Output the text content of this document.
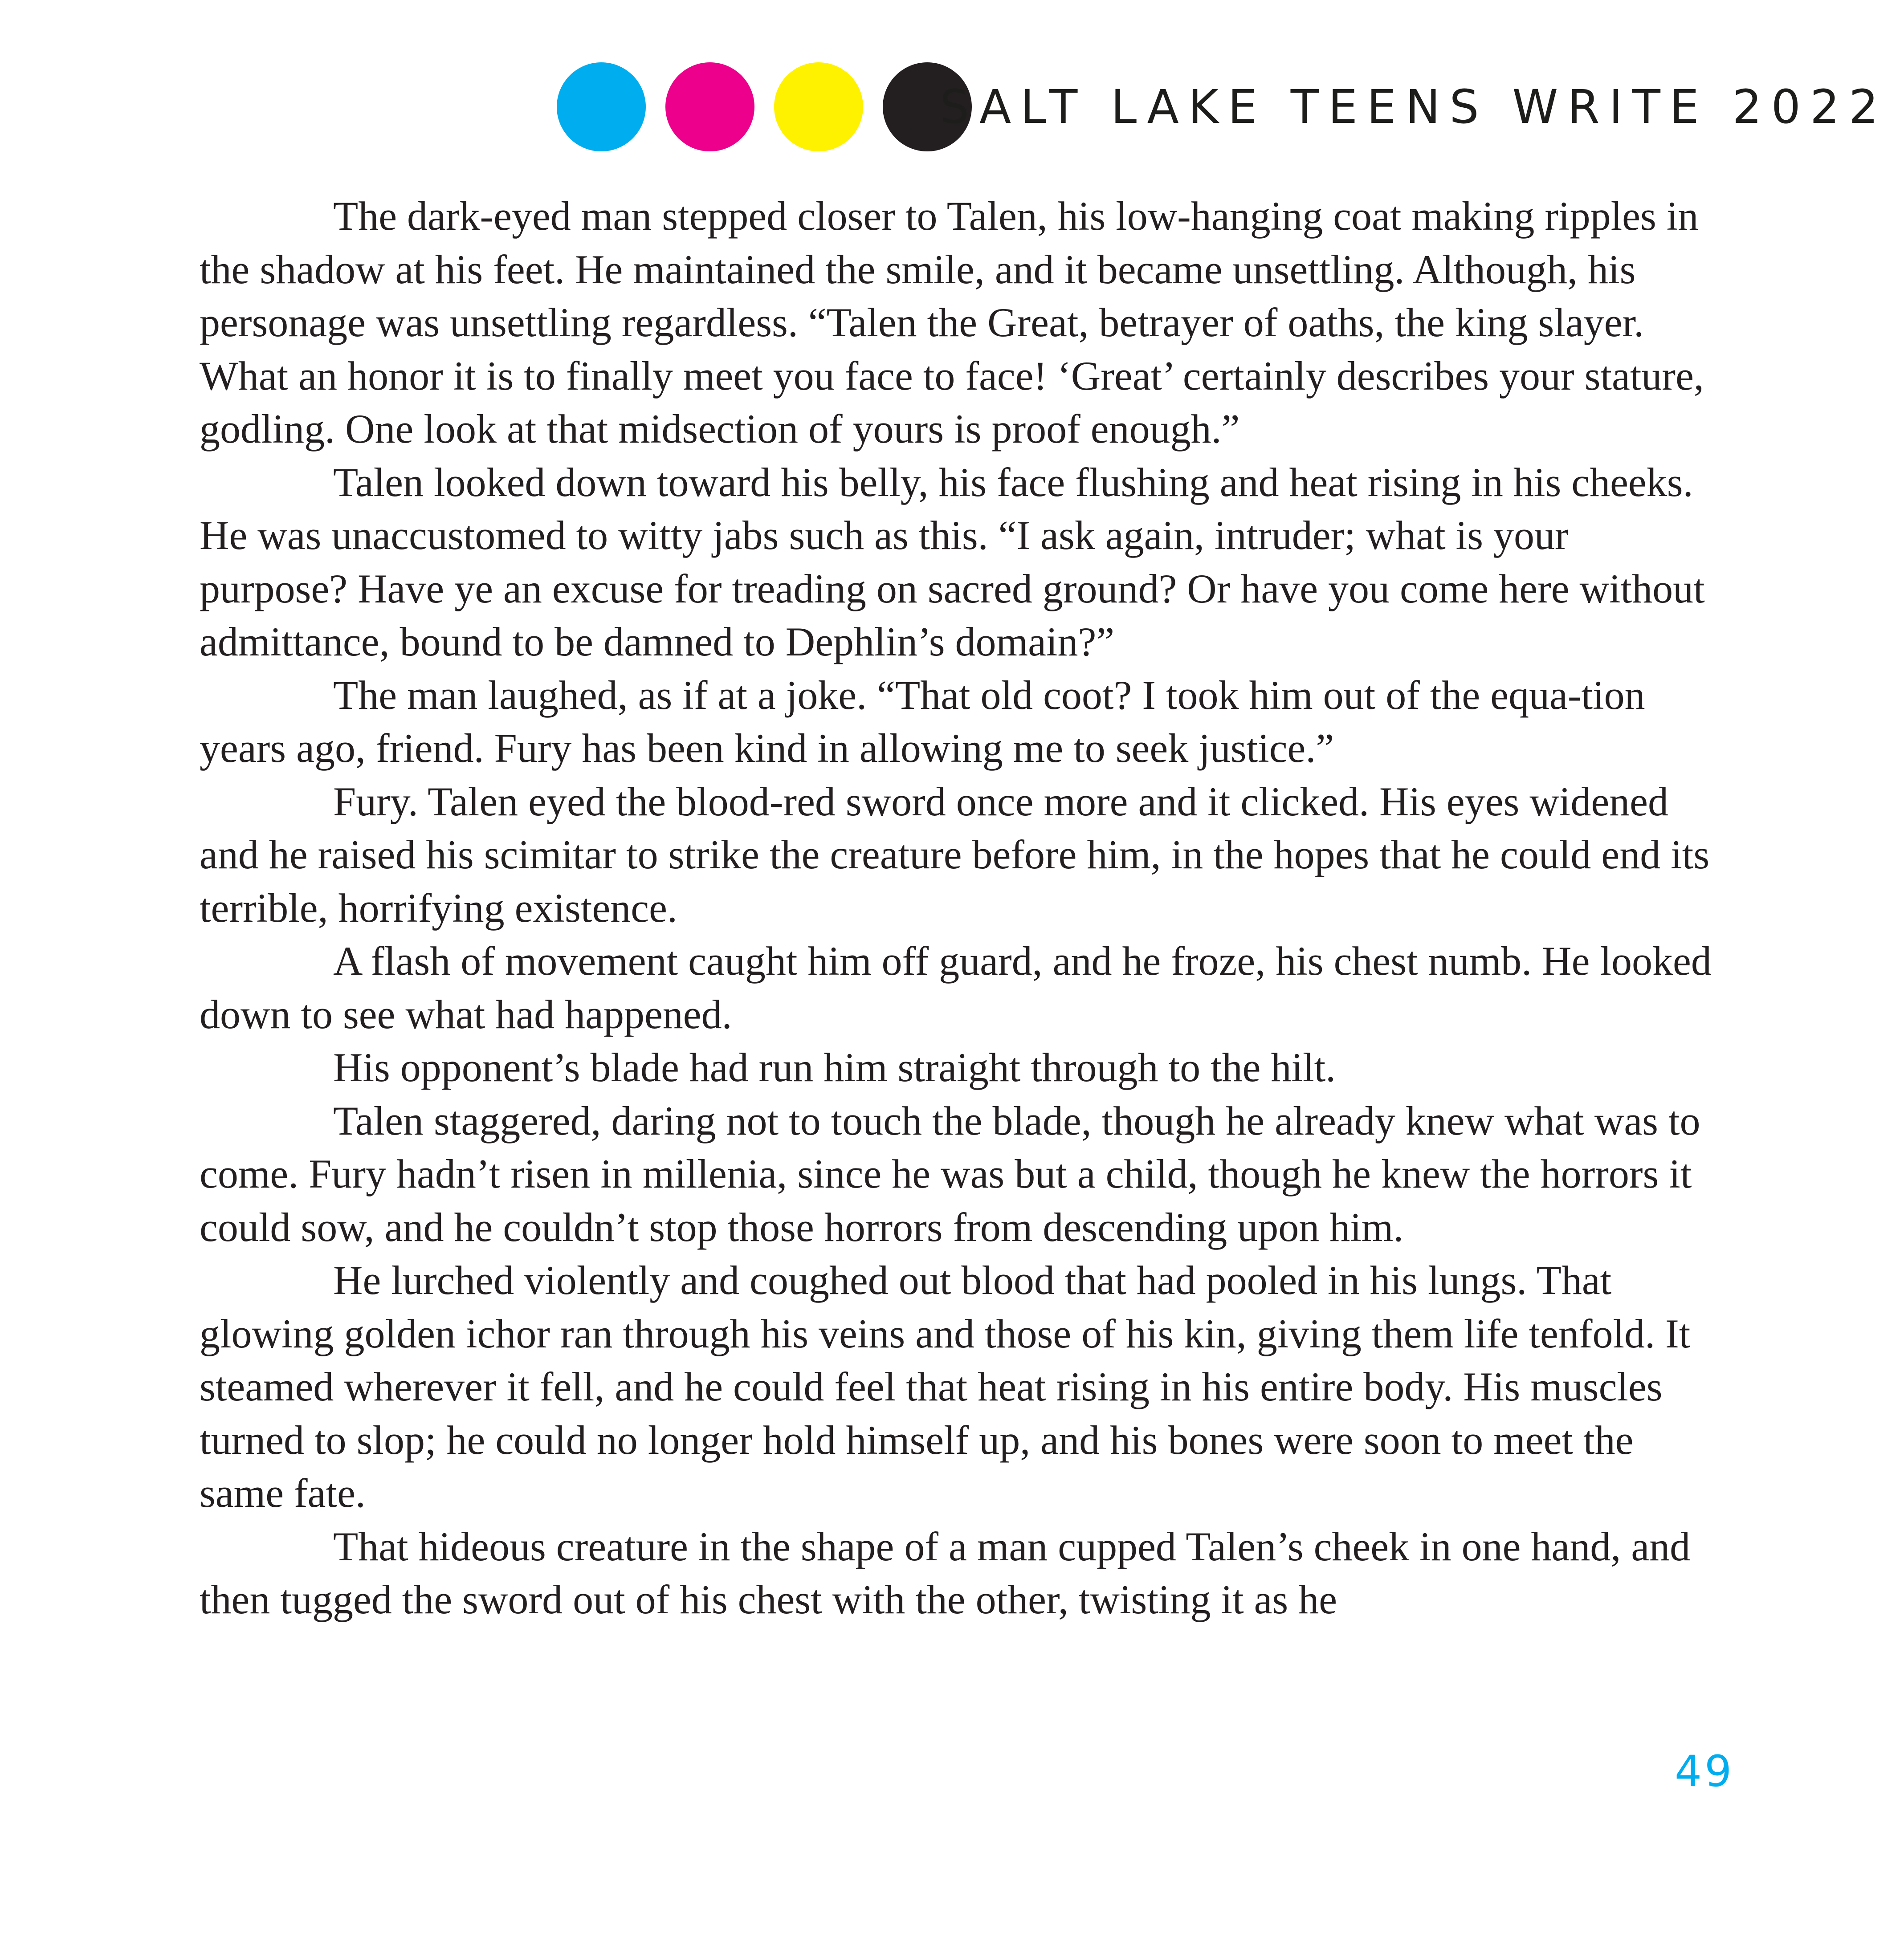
SALT LAKE TEENS WRITE 2022

The dark-eyed man stepped closer to Talen, his low-hanging coat making ripples in the shadow at his feet. He maintained the smile, and it became unsettling. Although, his personage was unsettling regardless. “Talen the Great, betrayer of oaths, the king slayer. What an honor it is to finally meet you face to face! ‘Great’ certainly describes your stature, godling. One look at that midsection of yours is proof enough.”

Talen looked down toward his belly, his face flushing and heat rising in his cheeks. He was unaccustomed to witty jabs such as this. “I ask again, intruder; what is your purpose? Have ye an excuse for treading on sacred ground? Or have you come here without admittance, bound to be damned to Dephlin’s domain?”

The man laughed, as if at a joke. “That old coot? I took him out of the equa-tion years ago, friend. Fury has been kind in allowing me to seek justice.”

Fury. Talen eyed the blood-red sword once more and it clicked. His eyes widened and he raised his scimitar to strike the creature before him, in the hopes that he could end its terrible, horrifying existence.

A flash of movement caught him off guard, and he froze, his chest numb. He looked down to see what had happened.

His opponent’s blade had run him straight through to the hilt.

Talen staggered, daring not to touch the blade, though he already knew what was to come. Fury hadn’t risen in millenia, since he was but a child, though he knew the horrors it could sow, and he couldn’t stop those horrors from descending upon him.

He lurched violently and coughed out blood that had pooled in his lungs. That glowing golden ichor ran through his veins and those of his kin, giving them life tenfold. It steamed wherever it fell, and he could feel that heat rising in his entire body. His muscles turned to slop; he could no longer hold himself up, and his bones were soon to meet the same fate.

That hideous creature in the shape of a man cupped Talen’s cheek in one hand, and then tugged the sword out of his chest with the other, twisting it as he

49
